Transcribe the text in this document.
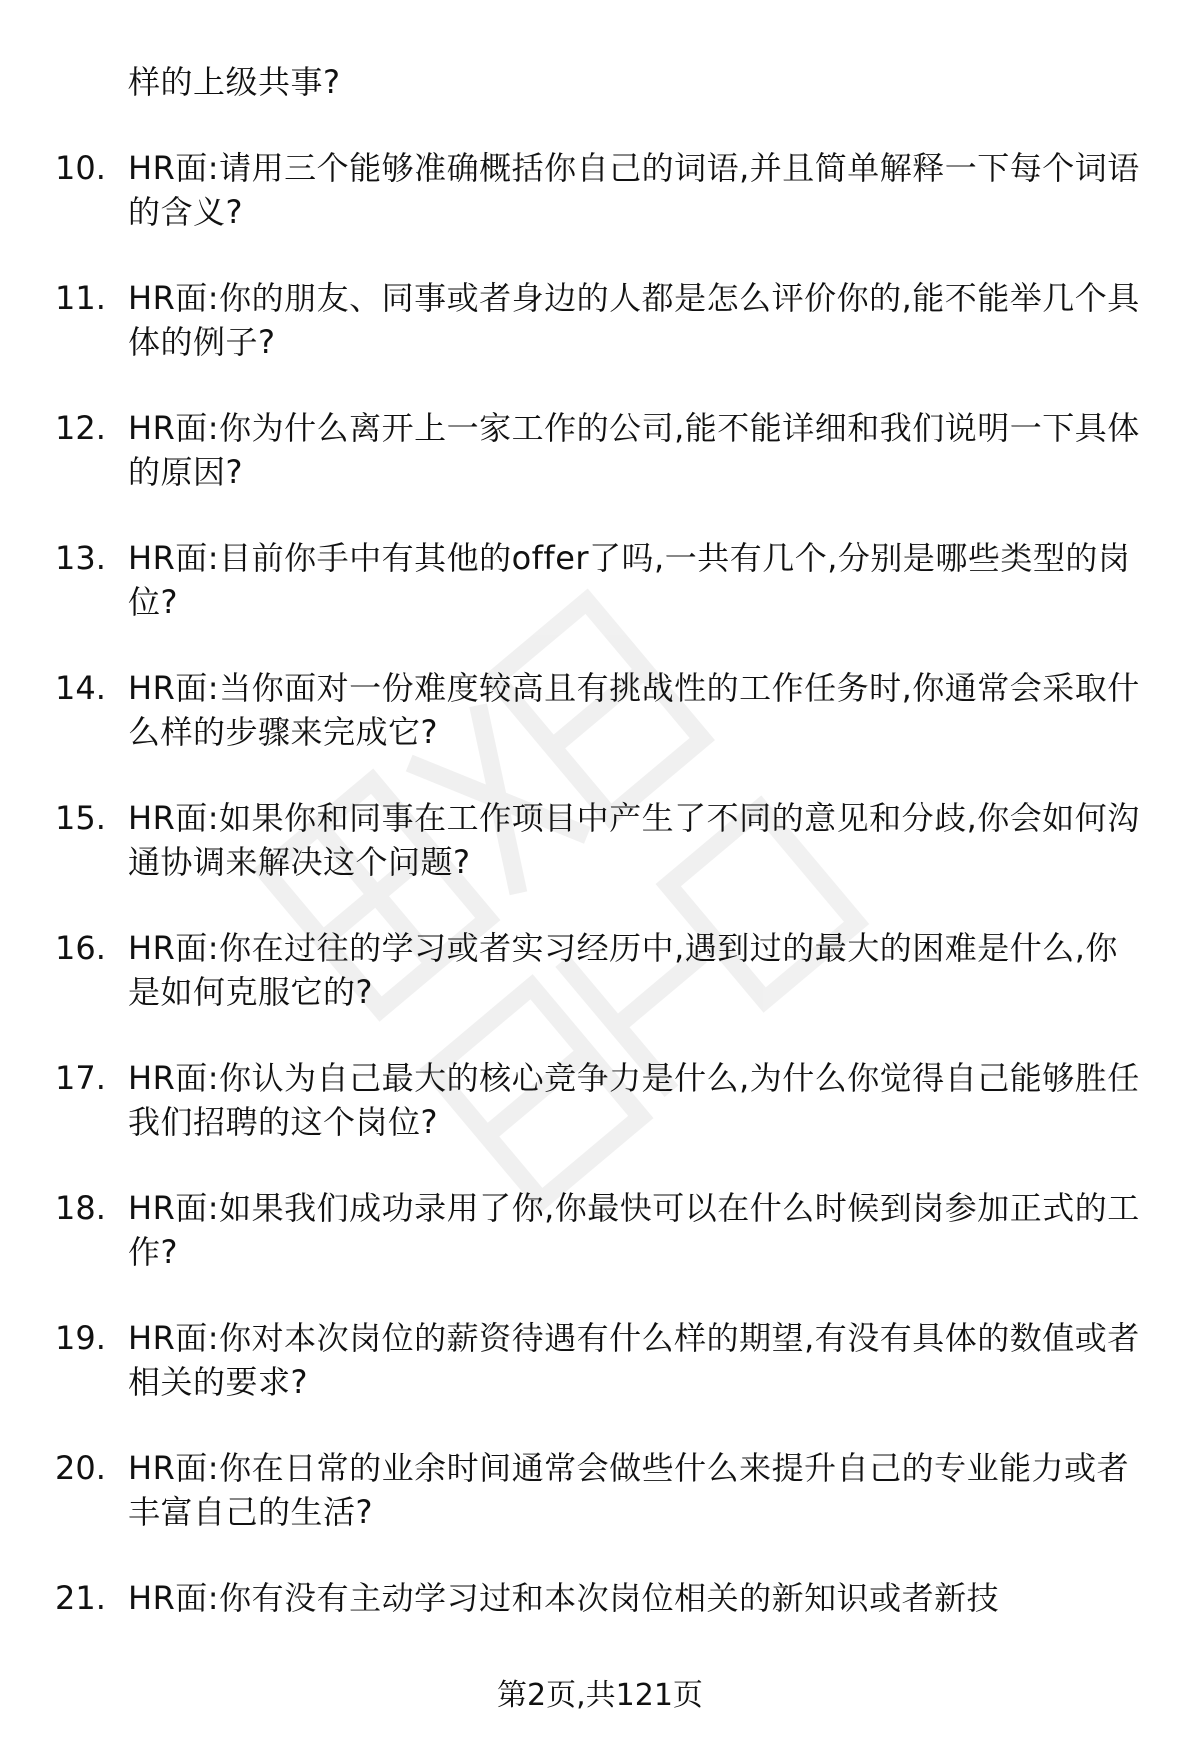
样的上级共事?
10. HR面:请用三个能够准确概括你自己的词语,并且简单解释一下每个词语的含义?
11. HR面:你的朋友、同事或者身边的人都是怎么评价你的,能不能举几个具体的例子?
12. HR面:你为什么离开上一家工作的公司,能不能详细和我们说明一下具体的原因?
13. HR面:目前你手中有其他的offer了吗,一共有几个,分别是哪些类型的岗位?
14. HR面:当你面对一份难度较高且有挑战性的工作任务时,你通常会采取什么样的步骤来完成它?
15. HR面:如果你和同事在工作项目中产生了不同的意见和分歧,你会如何沟通协调来解决这个问题?
16. HR面:你在过往的学习或者实习经历中,遇到过的最大的困难是什么,你是如何克服它的?
17. HR面:你认为自己最大的核心竞争力是什么,为什么你觉得自己能够胜任我们招聘的这个岗位?
18. HR面:如果我们成功录用了你,你最快可以在什么时候到岗参加正式的工作?
19. HR面:你对本次岗位的薪资待遇有什么样的期望,有没有具体的数值或者相关的要求?
20. HR面:你在日常的业余时间通常会做些什么来提升自己的专业能力或者丰富自己的生活?
21. HR面:你有没有主动学习过和本次岗位相关的新知识或者新技
第2页,共121页
